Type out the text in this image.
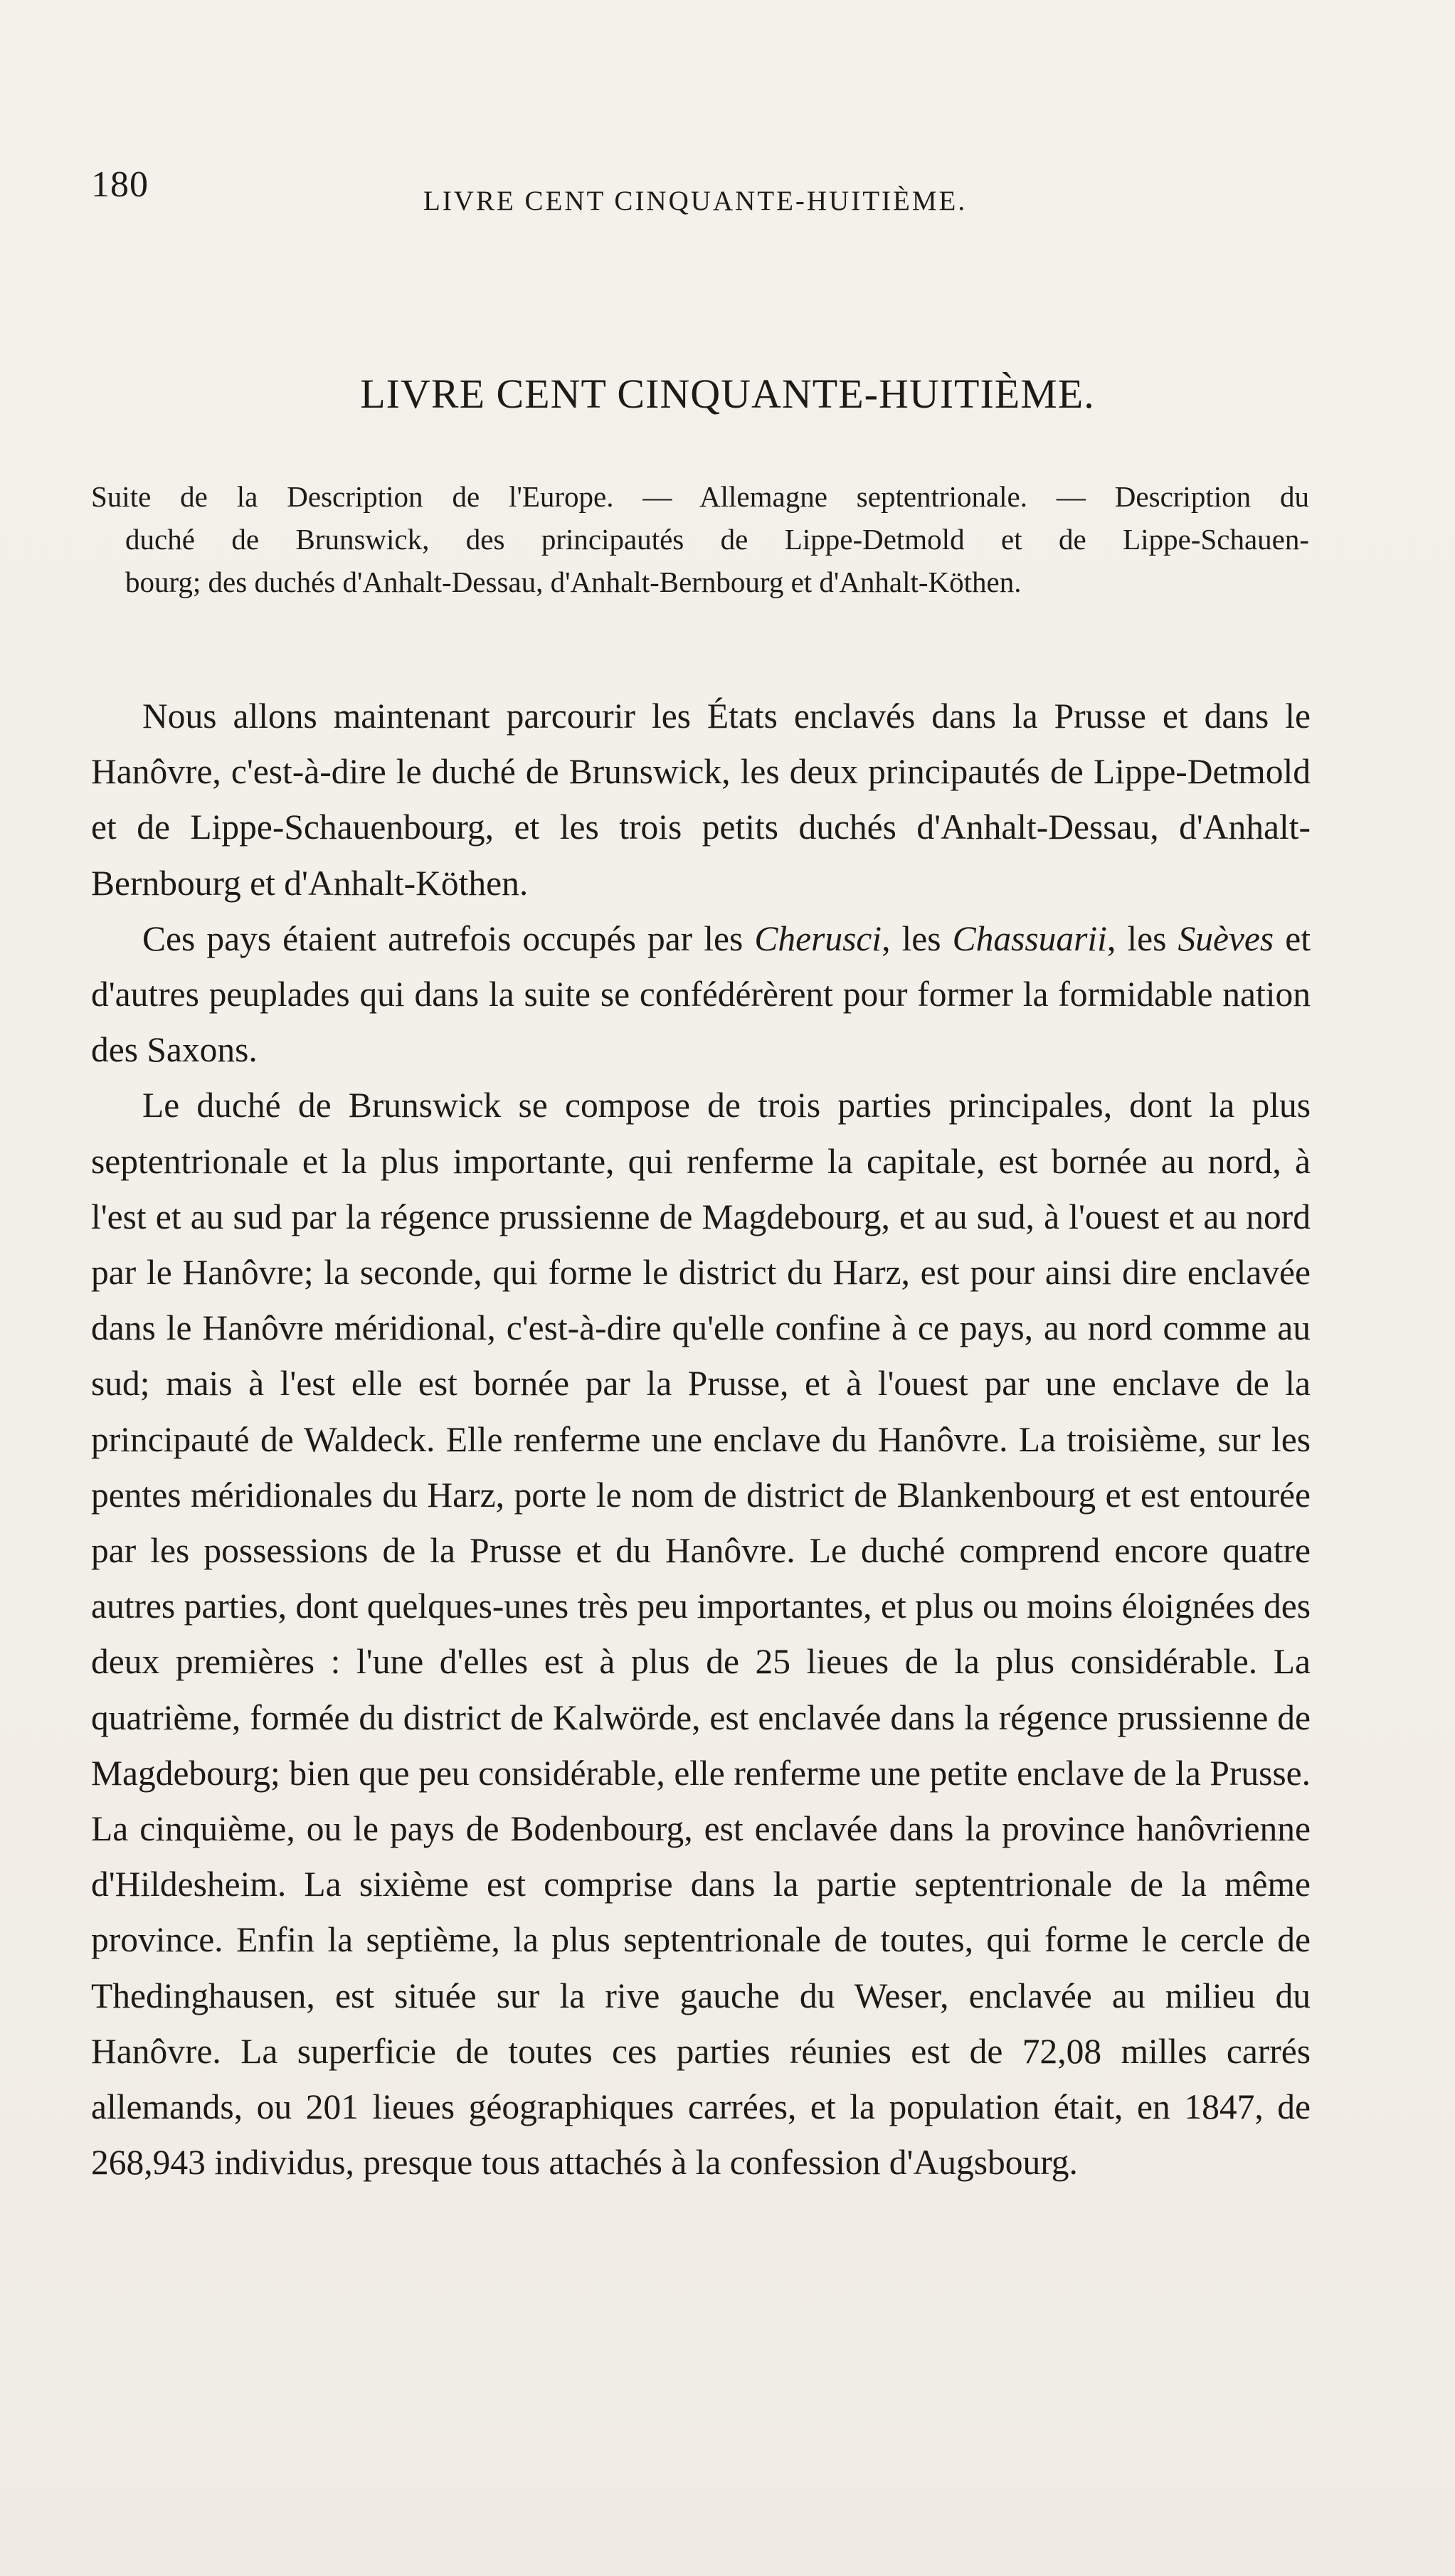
180	LIVRE CENT CINQUANTE-HUITIÈME.
LIVRE CENT CINQUANTE-HUITIÈME.
Suite de la Description de l'Europe. — Allemagne septentrionale. — Description du
duché de Brunswick, des principautés de Lippe-Detmold et de Lippe-Schauen-
bourg; des duchés d'Anhalt-Dessau, d'Anhalt-Bernbourg et d'Anhalt-Köthen.

Nous allons maintenant parcourir les États enclavés dans la Prusse et dans le Hanôvre, c'est-à-dire le duché de Brunswick, les deux principautés de Lippe-Detmold et de Lippe-Schauenbourg, et les trois petits duchés d'Anhalt-Dessau, d'Anhalt-Bernbourg et d'Anhalt-Köthen.

Ces pays étaient autrefois occupés par les Cherusci, les Chassuarii, les Suèves et d'autres peuplades qui dans la suite se confédérèrent pour former la formidable nation des Saxons.

Le duché de Brunswick se compose de trois parties principales, dont la plus septentrionale et la plus importante, qui renferme la capitale, est bornée au nord, à l'est et au sud par la régence prussienne de Magdebourg, et au sud, à l'ouest et au nord par le Hanôvre; la seconde, qui forme le district du Harz, est pour ainsi dire enclavée dans le Hanôvre méridional, c'est-à-dire qu'elle confine à ce pays, au nord comme au sud; mais à l'est elle est bornée par la Prusse, et à l'ouest par une enclave de la principauté de Waldeck. Elle renferme une enclave du Hanôvre. La troisième, sur les pentes méridionales du Harz, porte le nom de district de Blankenbourg et est entourée par les possessions de la Prusse et du Hanôvre. Le duché comprend encore quatre autres parties, dont quelques-unes très peu importantes, et plus ou moins éloignées des deux premières : l'une d'elles est à plus de 25 lieues de la plus considérable. La quatrième, formée du district de Kalwörde, est enclavée dans la régence prussienne de Magdebourg; bien que peu considérable, elle renferme une petite enclave de la Prusse. La cinquième, ou le pays de Bodenbourg, est enclavée dans la province hanôvrienne d'Hildesheim. La sixième est comprise dans la partie septentrionale de la même province. Enfin la septième, la plus septentrionale de toutes, qui forme le cercle de Thedinghausen, est située sur la rive gauche du Weser, enclavée au milieu du Hanôvre. La superficie de toutes ces parties réunies est de 72,08 milles carrés allemands, ou 201 lieues géographiques carrées, et la population était, en 1847, de 268,943 individus, presque tous attachés à la confession d'Augsbourg.
